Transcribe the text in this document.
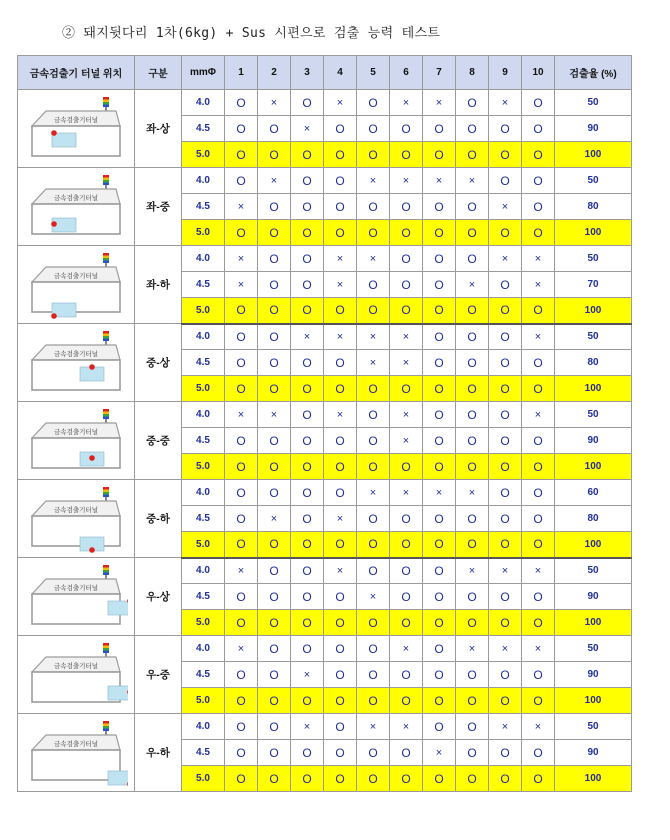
② 돼지뒷다리 1차(6kg) + Sus 시편으로 검출 능력 테스트
금속검출기 터널 위치	구분	mmΦ	1	2	3	4	5	6	7	8	9	10	검출율 (%)

금속검출기터널	좌-상	4.0	O	×	O	×	O	×	×	O	×	O	50
		4.5	O	O	×	O	O	O	O	O	O	O	90
		5.0	O	O	O	O	O	O	O	O	O	O	100

금속검출기터널	좌-중	4.0	O	×	O	O	×	×	×	×	O	O	50
		4.5	×	O	O	O	O	O	O	O	×	O	80
		5.0	O	O	O	O	O	O	O	O	O	O	100

금속검출기터널	좌-하	4.0	×	O	O	×	×	O	O	O	×	×	50
		4.5	×	O	O	×	O	O	O	×	O	×	70
		5.0	O	O	O	O	O	O	O	O	O	O	100

금속검출기터널	중-상	4.0	O	O	×	×	×	×	O	O	O	×	50
		4.5	O	O	O	O	×	×	O	O	O	O	80
		5.0	O	O	O	O	O	O	O	O	O	O	100

금속검출기터널	중-중	4.0	×	×	O	×	O	×	O	O	O	×	50
		4.5	O	O	O	O	O	×	O	O	O	O	90
		5.0	O	O	O	O	O	O	O	O	O	O	100

금속검출기터널	중-하	4.0	O	O	O	O	×	×	×	×	O	O	60
		4.5	O	×	O	×	O	O	O	O	O	O	80
		5.0	O	O	O	O	O	O	O	O	O	O	100

금속검출기터널	우-상	4.0	×	O	O	×	O	O	O	×	×	×	50
		4.5	O	O	O	O	×	O	O	O	O	O	90
		5.0	O	O	O	O	O	O	O	O	O	O	100

금속검출기터널	우-중	4.0	×	O	O	O	O	×	O	×	×	×	50
		4.5	O	O	×	O	O	O	O	O	O	O	90
		5.0	O	O	O	O	O	O	O	O	O	O	100

금속검출기터널	우-하	4.0	O	O	×	O	×	×	O	O	×	×	50
		4.5	O	O	O	O	O	O	×	O	O	O	90
		5.0	O	O	O	O	O	O	O	O	O	O	100
